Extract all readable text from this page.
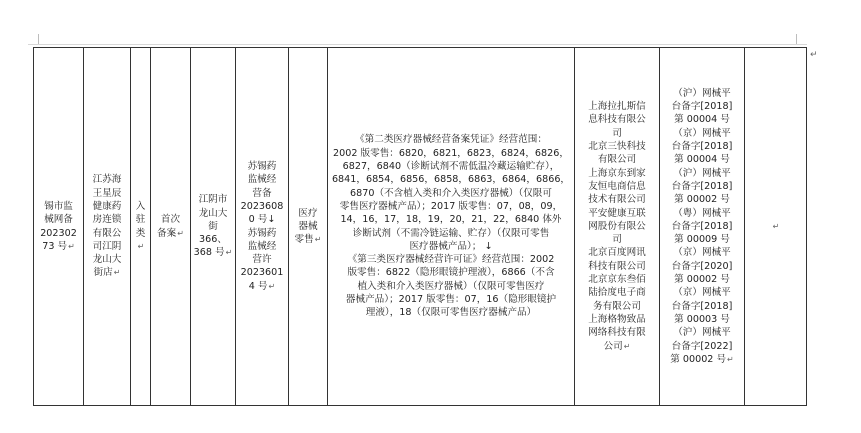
锡市监
械网备
202302
73 号↵	江苏海
王星辰
健康药
房连锁
有限公
司江阴
龙山大
街店↵	入
驻
类↵	首次
备案↵	江阴市
龙山大
街
366、
368 号↵	苏锡药
监械经
营备
2023608
0 号↓
苏锡药
监械经
营许
2023601
4 号↵	医疗
器械
零售↵	

《第二类医疗器械经营备案凭证》经营范围：

2002 版零售：6820，6821，6823，6824，6826，

6827，6840（诊断试剂不需低温冷藏运输贮存），

6841，6854，6856，6858，6863，6864，6866，

6870（不含植入类和介入类医疗器械）（仅限可

零售医疗器械产品）；2017 版零售：07，08，09，

14，16，17，18，19，20，21，22，6840 体外

诊断试剂（不需冷链运输、贮存）（仅限可零售

医疗器械产品）； ↓

《第三类医疗器械经营许可证》经营范围：2002

版零售：6822（隐形眼镜护理液），6866（不含

植入类和介入类医疗器械）（仅限可零售医疗

器械产品）；2017 版零售：07，16（隐形眼镜护

理液），18（仅限可零售医疗器械产品）

上海拉扎斯信
息科技有限公
司
北京三快科技
有限公司
上海京东到家
友恒电商信息
技术有限公司
平安健康互联
网股份有限公
司
北京百度网讯
科技有限公司
北京京东叁佰
陆拾度电子商
务有限公司
上海格物致品
网络科技有限
公司↵

（沪）网械平
台备字[2018]
第 00004 号
（京）网械平
台备字[2018]
第 00004 号
（沪）网械平
台备字[2018]
第 00002 号
（粤）网械平
台备字[2018]
第 00009 号
（京）网械平
台备字[2020]
第 00002 号
（京）网械平
台备字[2018]
第 00003 号
（沪）网械平
台备字[2022]
第 00002 号↵
	↵
↵
